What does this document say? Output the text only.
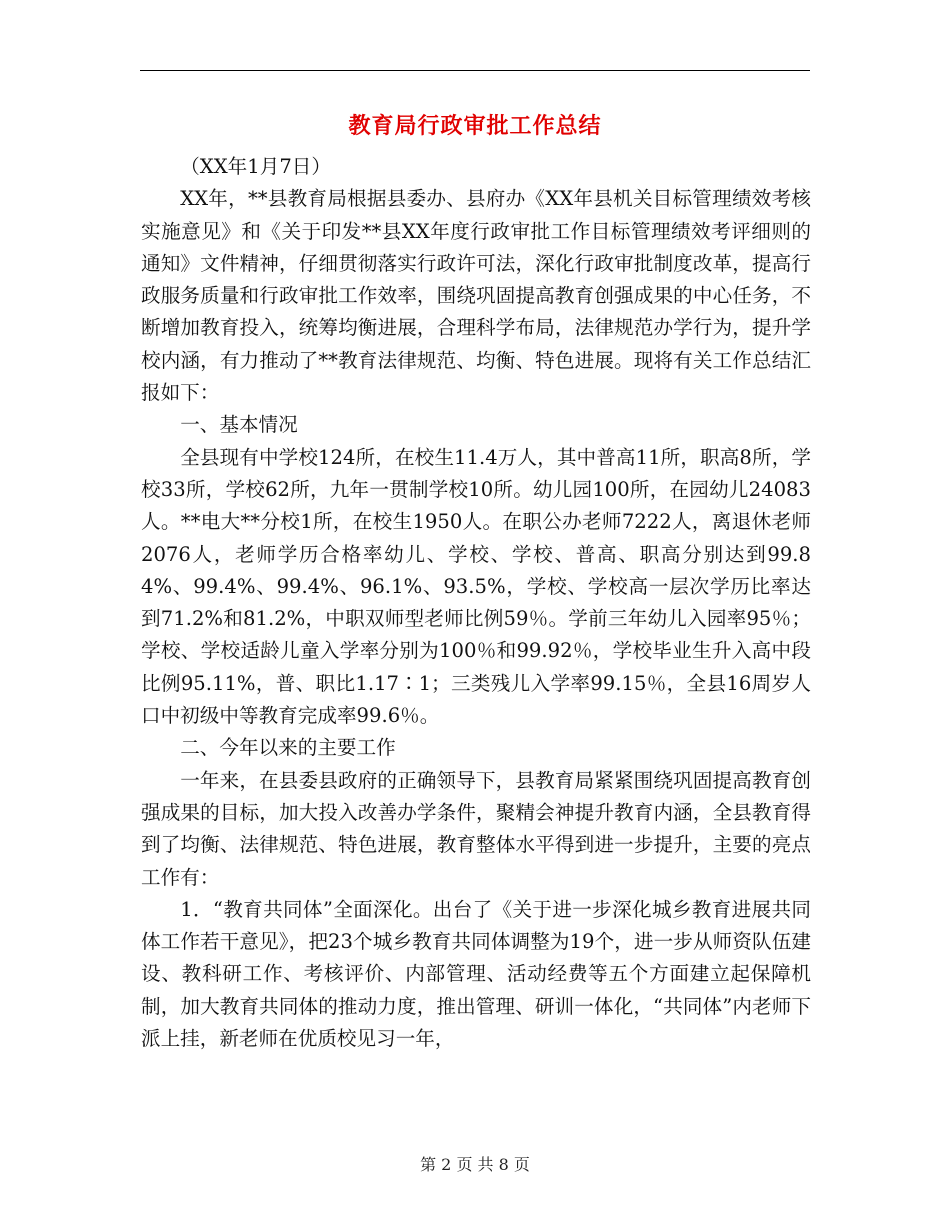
教育局行政审批工作总结

（XX年1月7日）

XX年，**县教育局根据县委办、县府办《XX年县机关目标管理绩效考核实施意见》和《关于印发**县XX年度行政审批工作目标管理绩效考评细则的通知》文件精神，仔细贯彻落实行政许可法，深化行政审批制度改革，提高行政服务质量和行政审批工作效率，围绕巩固提高教育创强成果的中心任务，不断增加教育投入，统筹均衡进展，合理科学布局，法律规范办学行为，提升学校内涵，有力推动了**教育法律规范、均衡、特色进展。现将有关工作总结汇报如下：

一、基本情况

全县现有中学校124所，在校生11.4万人，其中普高11所，职高8所，学校33所，学校62所，九年一贯制学校10所。幼儿园100所，在园幼儿24083人。**电大**分校1所，在校生1950人。在职公办老师7222人，离退休老师2076人，老师学历合格率幼儿、学校、学校、普高、职高分别达到99.84%、99.4%、99.4%、96.1%、93.5%，学校、学校高一层次学历比率达到71.2%和81.2%，中职双师型老师比例59％。学前三年幼儿入园率95％；学校、学校适龄儿童入学率分别为100％和99.92％，学校毕业生升入高中段比例95.11%，普、职比1.17∶1；三类残儿入学率99.15％，全县16周岁人口中初级中等教育完成率99.6％。

二、今年以来的主要工作

一年来，在县委县政府的正确领导下，县教育局紧紧围绕巩固提高教育创强成果的目标，加大投入改善办学条件，聚精会神提升教育内涵，全县教育得到了均衡、法律规范、特色进展，教育整体水平得到进一步提升，主要的亮点工作有：

1．“教育共同体”全面深化。出台了《关于进一步深化城乡教育进展共同体工作若干意见》，把23个城乡教育共同体调整为19个，进一步从师资队伍建设、教科研工作、考核评价、内部管理、活动经费等五个方面建立起保障机制，加大教育共同体的推动力度，推出管理、研训一体化，“共同体”内老师下派上挂，新老师在优质校见习一年，

第 2 页 共 8 页
